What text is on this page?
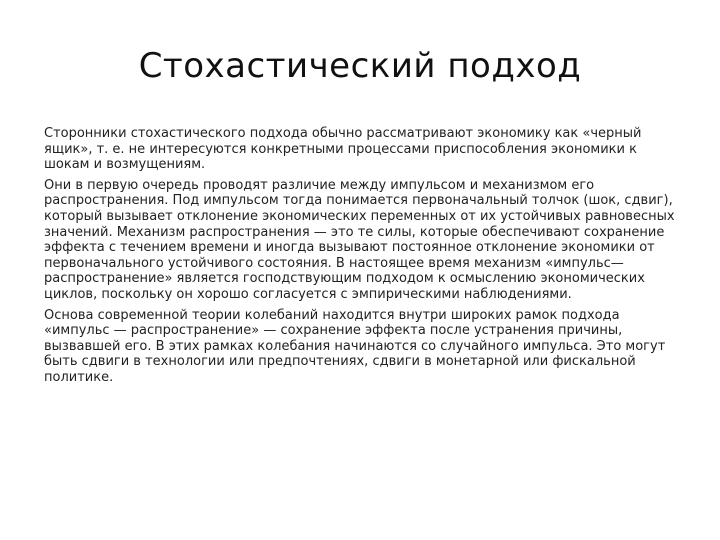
Стохастический подход

Сторонники стохастического подхода обычно рассматривают экономику как «черный ящик», т. е. не интересуются конкретными процессами приспособления экономики к шокам и возмущениям.

Они в первую очередь проводят различие между импульсом и механизмом его распространения. Под импульсом тогда понимается первоначальный толчок (шок, сдвиг), который вызывает отклонение экономических переменных от их устойчивых равновесных значений. Механизм распространения — это те силы, которые обеспечивают сохранение эффекта с течением времени и иногда вызывают постоянное отклонение экономики от первоначального устойчивого состояния. В настоящее время механизм «импульс— распространение» является господствующим подходом к осмыслению экономических циклов, поскольку он хорошо согласуется с эмпирическими наблюдениями.

Основа современной теории колебаний находится внутри широких рамок подхода «импульс — распространение» — сохранение эффекта после устранения причины, вызвавшей его. В этих рамках колебания начинаются со случайного импульса. Это могут быть сдвиги в технологии или предпочтениях, сдвиги в монетарной или фискальной политике.
